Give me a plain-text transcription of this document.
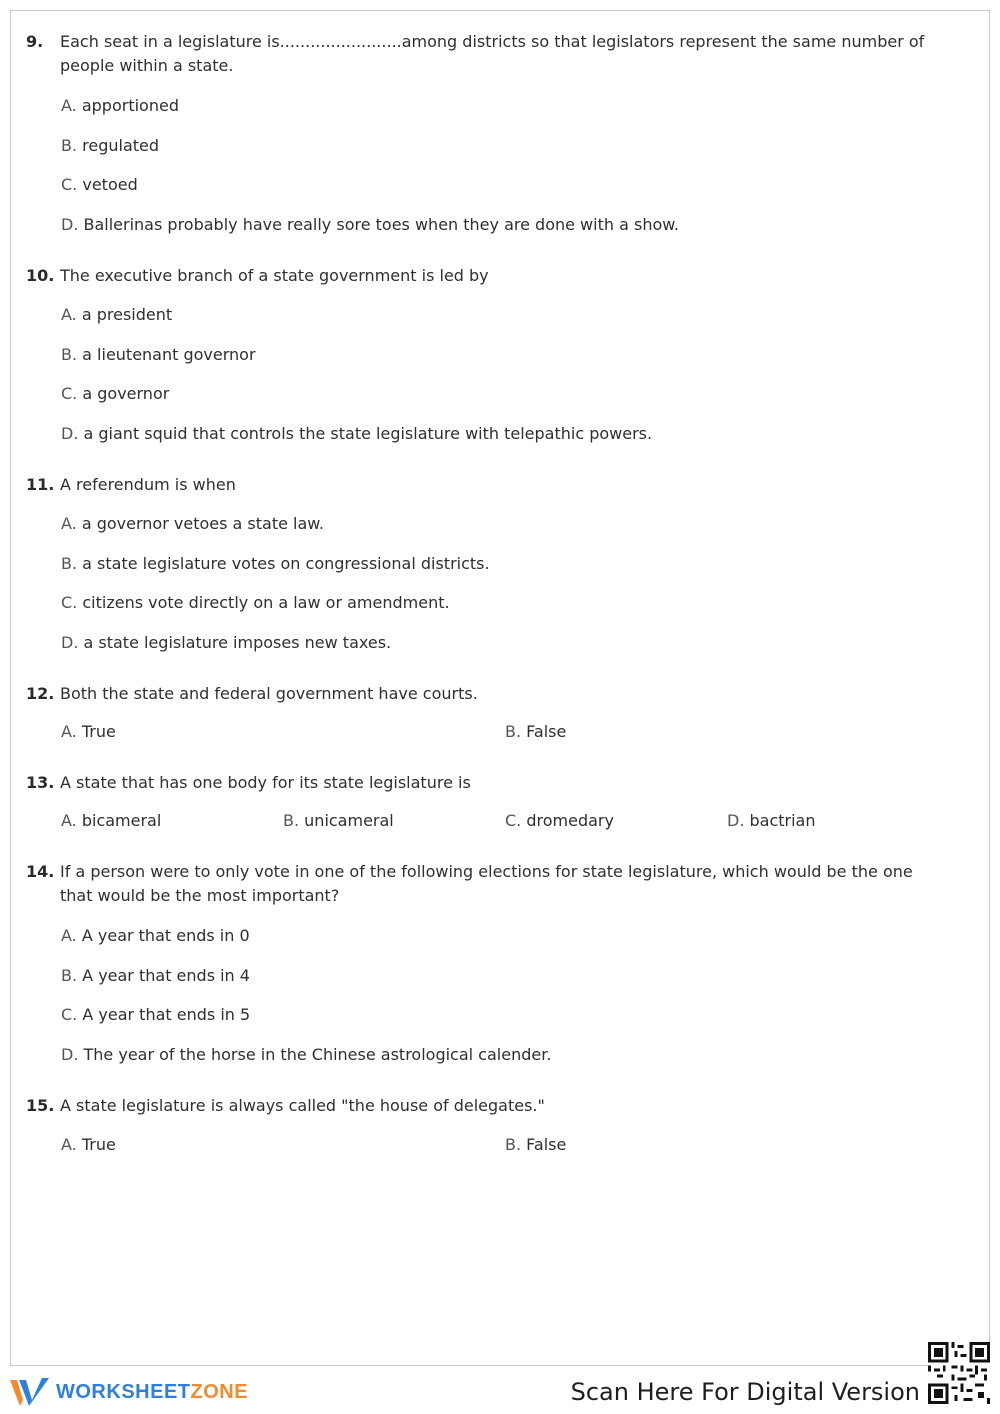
9.	Each seat in a legislature is........................among districts so that legislators represent the same number of people within a state.
A. apportioned
B. regulated
C. vetoed
D. Ballerinas probably have really sore toes when they are done with a show.
10. The executive branch of a state government is led by
A. a president
B. a lieutenant governor
C. a governor
D. a giant squid that controls the state legislature with telepathic powers.
11. A referendum is when
A. a governor vetoes a state law.
B. a state legislature votes on congressional districts.
C. citizens vote directly on a law or amendment.
D. a state legislature imposes new taxes.
12. Both the state and federal government have courts.
A. True	B. False
13. A state that has one body for its state legislature is
A. bicameral	B. unicameral	C. dromedary	D. bactrian
14. If a person were to only vote in one of the following elections for state legislature, which would be the one that would be the most important?
A. A year that ends in 0
B. A year that ends in 4
C. A year that ends in 5
D. The year of the horse in the Chinese astrological calender.
15. A state legislature is always called "the house of delegates."
A. True	B. False
WORKSHEETZONE	Scan Here For Digital Version
